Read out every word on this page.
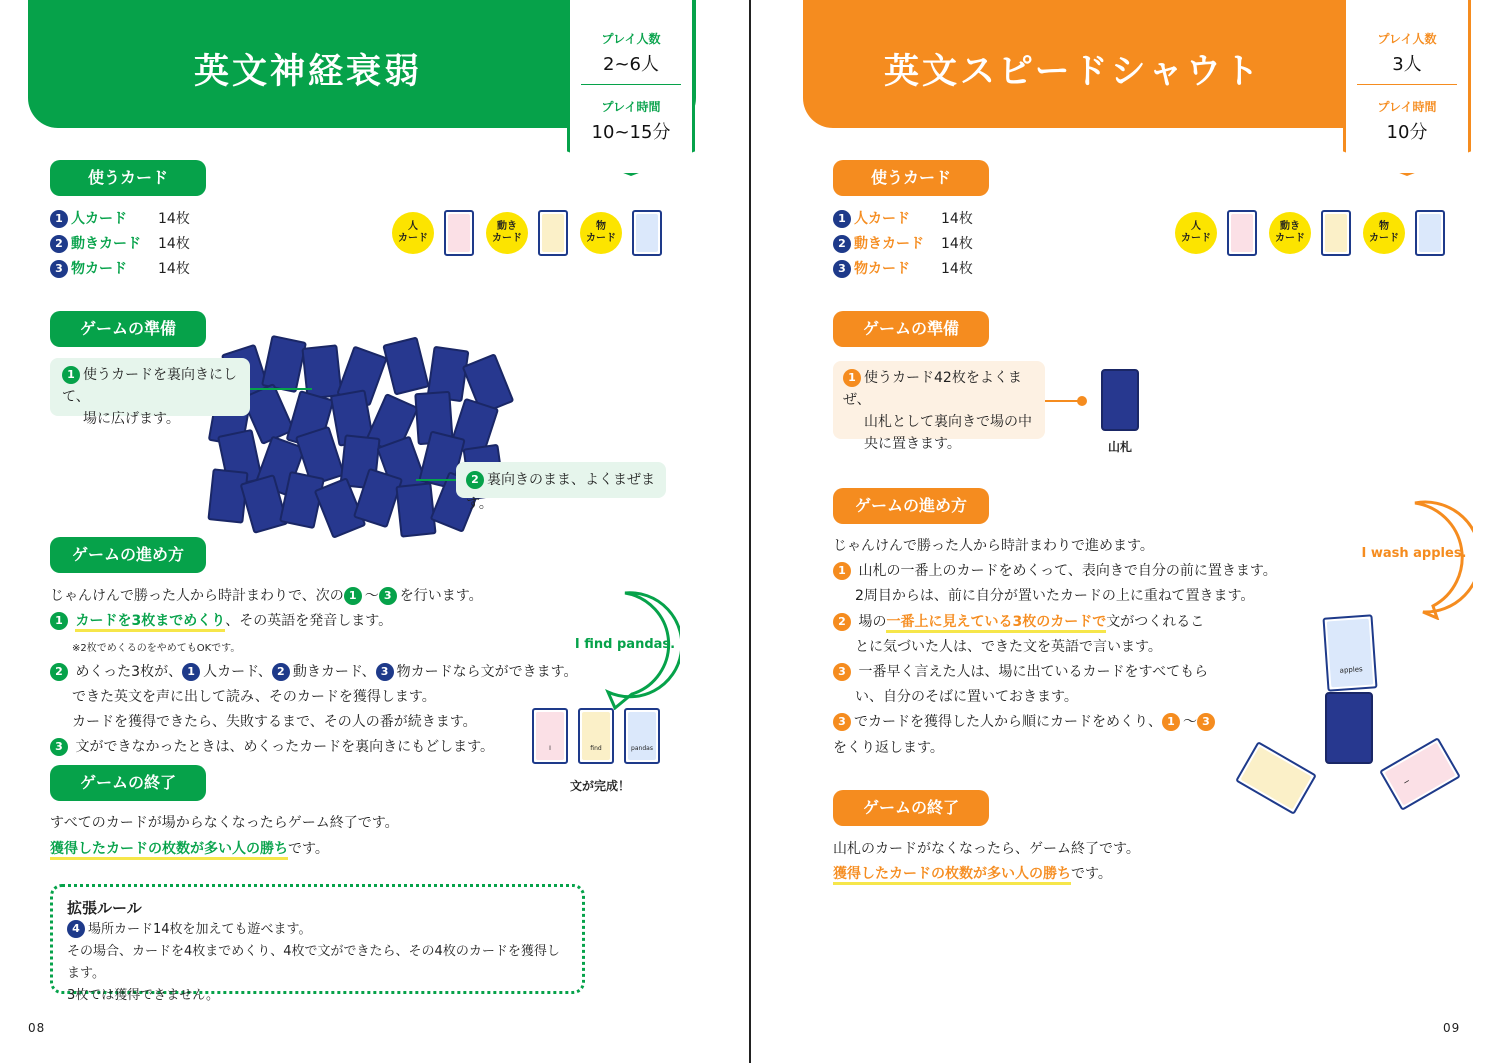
英文神経衰弱
プレイ人数
2~6人
プレイ時間
10~15分
使うカード
1 人カード 14枚
2 動きカード 14枚
3 物カード 14枚
人
カード
動き
カード
物
カード
ゲームの準備
1 使うカードを裏向きにして、
場に広げます。
2 裏向きのまま、よくまぜます。
ゲームの進め方
じゃんけんで勝った人から時計まわりで、次の 1 ～ 3 を行います。
1 カードを3枚までめくり、その英語を発音します。
※2枚でめくるのをやめてもOKです。
2 めくった3枚が、 1 人カード、 2 動きカード、 3 物カードなら文ができます。
できた英文を声に出して読み、そのカードを獲得します。
カードを獲得できたら、失敗するまで、その人の番が続きます。
3 文ができなかったときは、めくったカードを裏向きにもどします。
I find pandas.
I	find	pandas
文が完成！
ゲームの終了
すべてのカードが場からなくなったらゲーム終了です。
獲得したカードの枚数が多い人の勝ちです。
拡張ルール
4 場所カード14枚を加えても遊べます。
その場合、カードを4枚までめくり、4枚で文ができたら、その4枚のカードを獲得します。
3枚では獲得できません。
08
英文スピードシャウト
プレイ人数
3人
プレイ時間
10分
使うカード
1 人カード 14枚
2 動きカード 14枚
3 物カード 14枚
人
カード
動き
カード
物
カード
ゲームの準備
1 使うカード42枚をよくまぜ、
山札として裏向きで場の中
央に置きます。	山札
ゲームの進め方
じゃんけんで勝った人から時計まわりで進めます。
1 山札の一番上のカードをめくって、表向きで自分の前に置きます。
2周目からは、前に自分が置いたカードの上に重ねて置きます。
2 場の一番上に見えている3枚のカードで文がつくれるこ
とに気づいた人は、できた文を英語で言います。
3 一番早く言えた人は、場に出ているカードをすべてもら
い、自分のそばに置いておきます。
3 でカードを獲得した人から順にカードをめくり、 1 ～ 3
をくり返します。
I wash apples.
apples
I
ゲームの終了
山札のカードがなくなったら、ゲーム終了です。
獲得したカードの枚数が多い人の勝ちです。
09
